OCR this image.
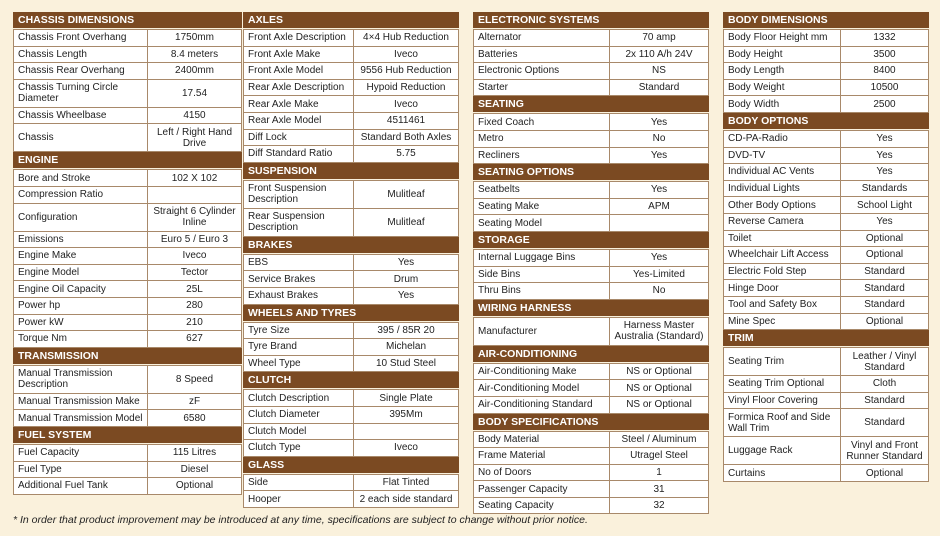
CHASSIS DIMENSIONS
Chassis Front Overhang	1750mm
Chassis Length	8.4 meters
Chassis Rear Overhang	2400mm
Chassis Turning Circle Diameter	17.54
Chassis Wheelbase	4150
Chassis	Left / Right Hand Drive
ENGINE
Bore and Stroke	102 X 102
Compression Ratio	
Configuration	Straight 6 Cylinder Inline
Emissions	Euro 5 / Euro 3
Engine Make	Iveco
Engine Model	Tector
Engine Oil Capacity	25L
Power hp	280
Power kW	210
Torque Nm	627
TRANSMISSION
Manual Transmission Description	8 Speed
Manual Transmission Make	zF
Manual Transmission Model	6580
FUEL SYSTEM
Fuel Capacity	115 Litres
Fuel Type	Diesel
Additional Fuel Tank	Optional
AXLES
Front Axle Description	4×4 Hub Reduction
Front Axle Make	Iveco
Front Axle Model	9556 Hub Reduction
Rear Axle Description	Hypoid Reduction
Rear Axle Make	Iveco
Rear Axle Model	4511461
Diff Lock	Standard Both Axles
Diff Standard Ratio	5.75
SUSPENSION
Front Suspension Description	Mulitleaf
Rear Suspension Description	Mulitleaf
BRAKES
EBS	Yes
Service Brakes	Drum
Exhaust Brakes	Yes
WHEELS AND TYRES
Tyre Size	395 / 85R 20
Tyre Brand	Michelan
Wheel Type	10 Stud Steel
CLUTCH
Clutch Description	Single Plate
Clutch Diameter	395Mm
Clutch Model	
Clutch Type	Iveco
GLASS
Side	Flat Tinted
Hooper	2 each side standard
ELECTRONIC SYSTEMS
Alternator	70 amp
Batteries	2x 110 A/h 24V
Electronic Options	NS
Starter	Standard
SEATING
Fixed Coach	Yes
Metro	No
Recliners	Yes
SEATING OPTIONS
Seatbelts	Yes
Seating Make	APM
Seating Model	
STORAGE
Internal Luggage Bins	Yes
Side Bins	Yes-Limited
Thru Bins	No
WIRING HARNESS
Manufacturer	Harness Master Australia (Standard)
AIR-CONDITIONING
Air-Conditioning Make	NS or Optional
Air-Conditioning Model	NS or Optional
Air-Conditioning Standard	NS or Optional
BODY SPECIFICATIONS
Body Material	Steel / Aluminum
Frame Material	Utragel Steel
No of Doors	1
Passenger Capacity	31
Seating Capacity	32
BODY DIMENSIONS
Body Floor Height mm	1332
Body Height	3500
Body Length	8400
Body Weight	10500
Body Width	2500
BODY OPTIONS
CD-PA-Radio	Yes
DVD-TV	Yes
Individual AC Vents	Yes
Individual Lights	Standards
Other Body Options	School Light
Reverse Camera	Yes
Toilet	Optional
Wheelchair Lift Access	Optional
Electric Fold Step	Standard
Hinge Door	Standard
Tool and Safety Box	Standard
Mine Spec	Optional
TRIM
Seating Trim	Leather / Vinyl Standard
Seating Trim Optional	Cloth
Vinyl Floor Covering	Standard
Formica Roof and Side Wall Trim	Standard
Luggage Rack	Vinyl and Front Runner Standard
Curtains	Optional
* In order that product improvement may be introduced at any time, specifications are subject to change without prior notice.
